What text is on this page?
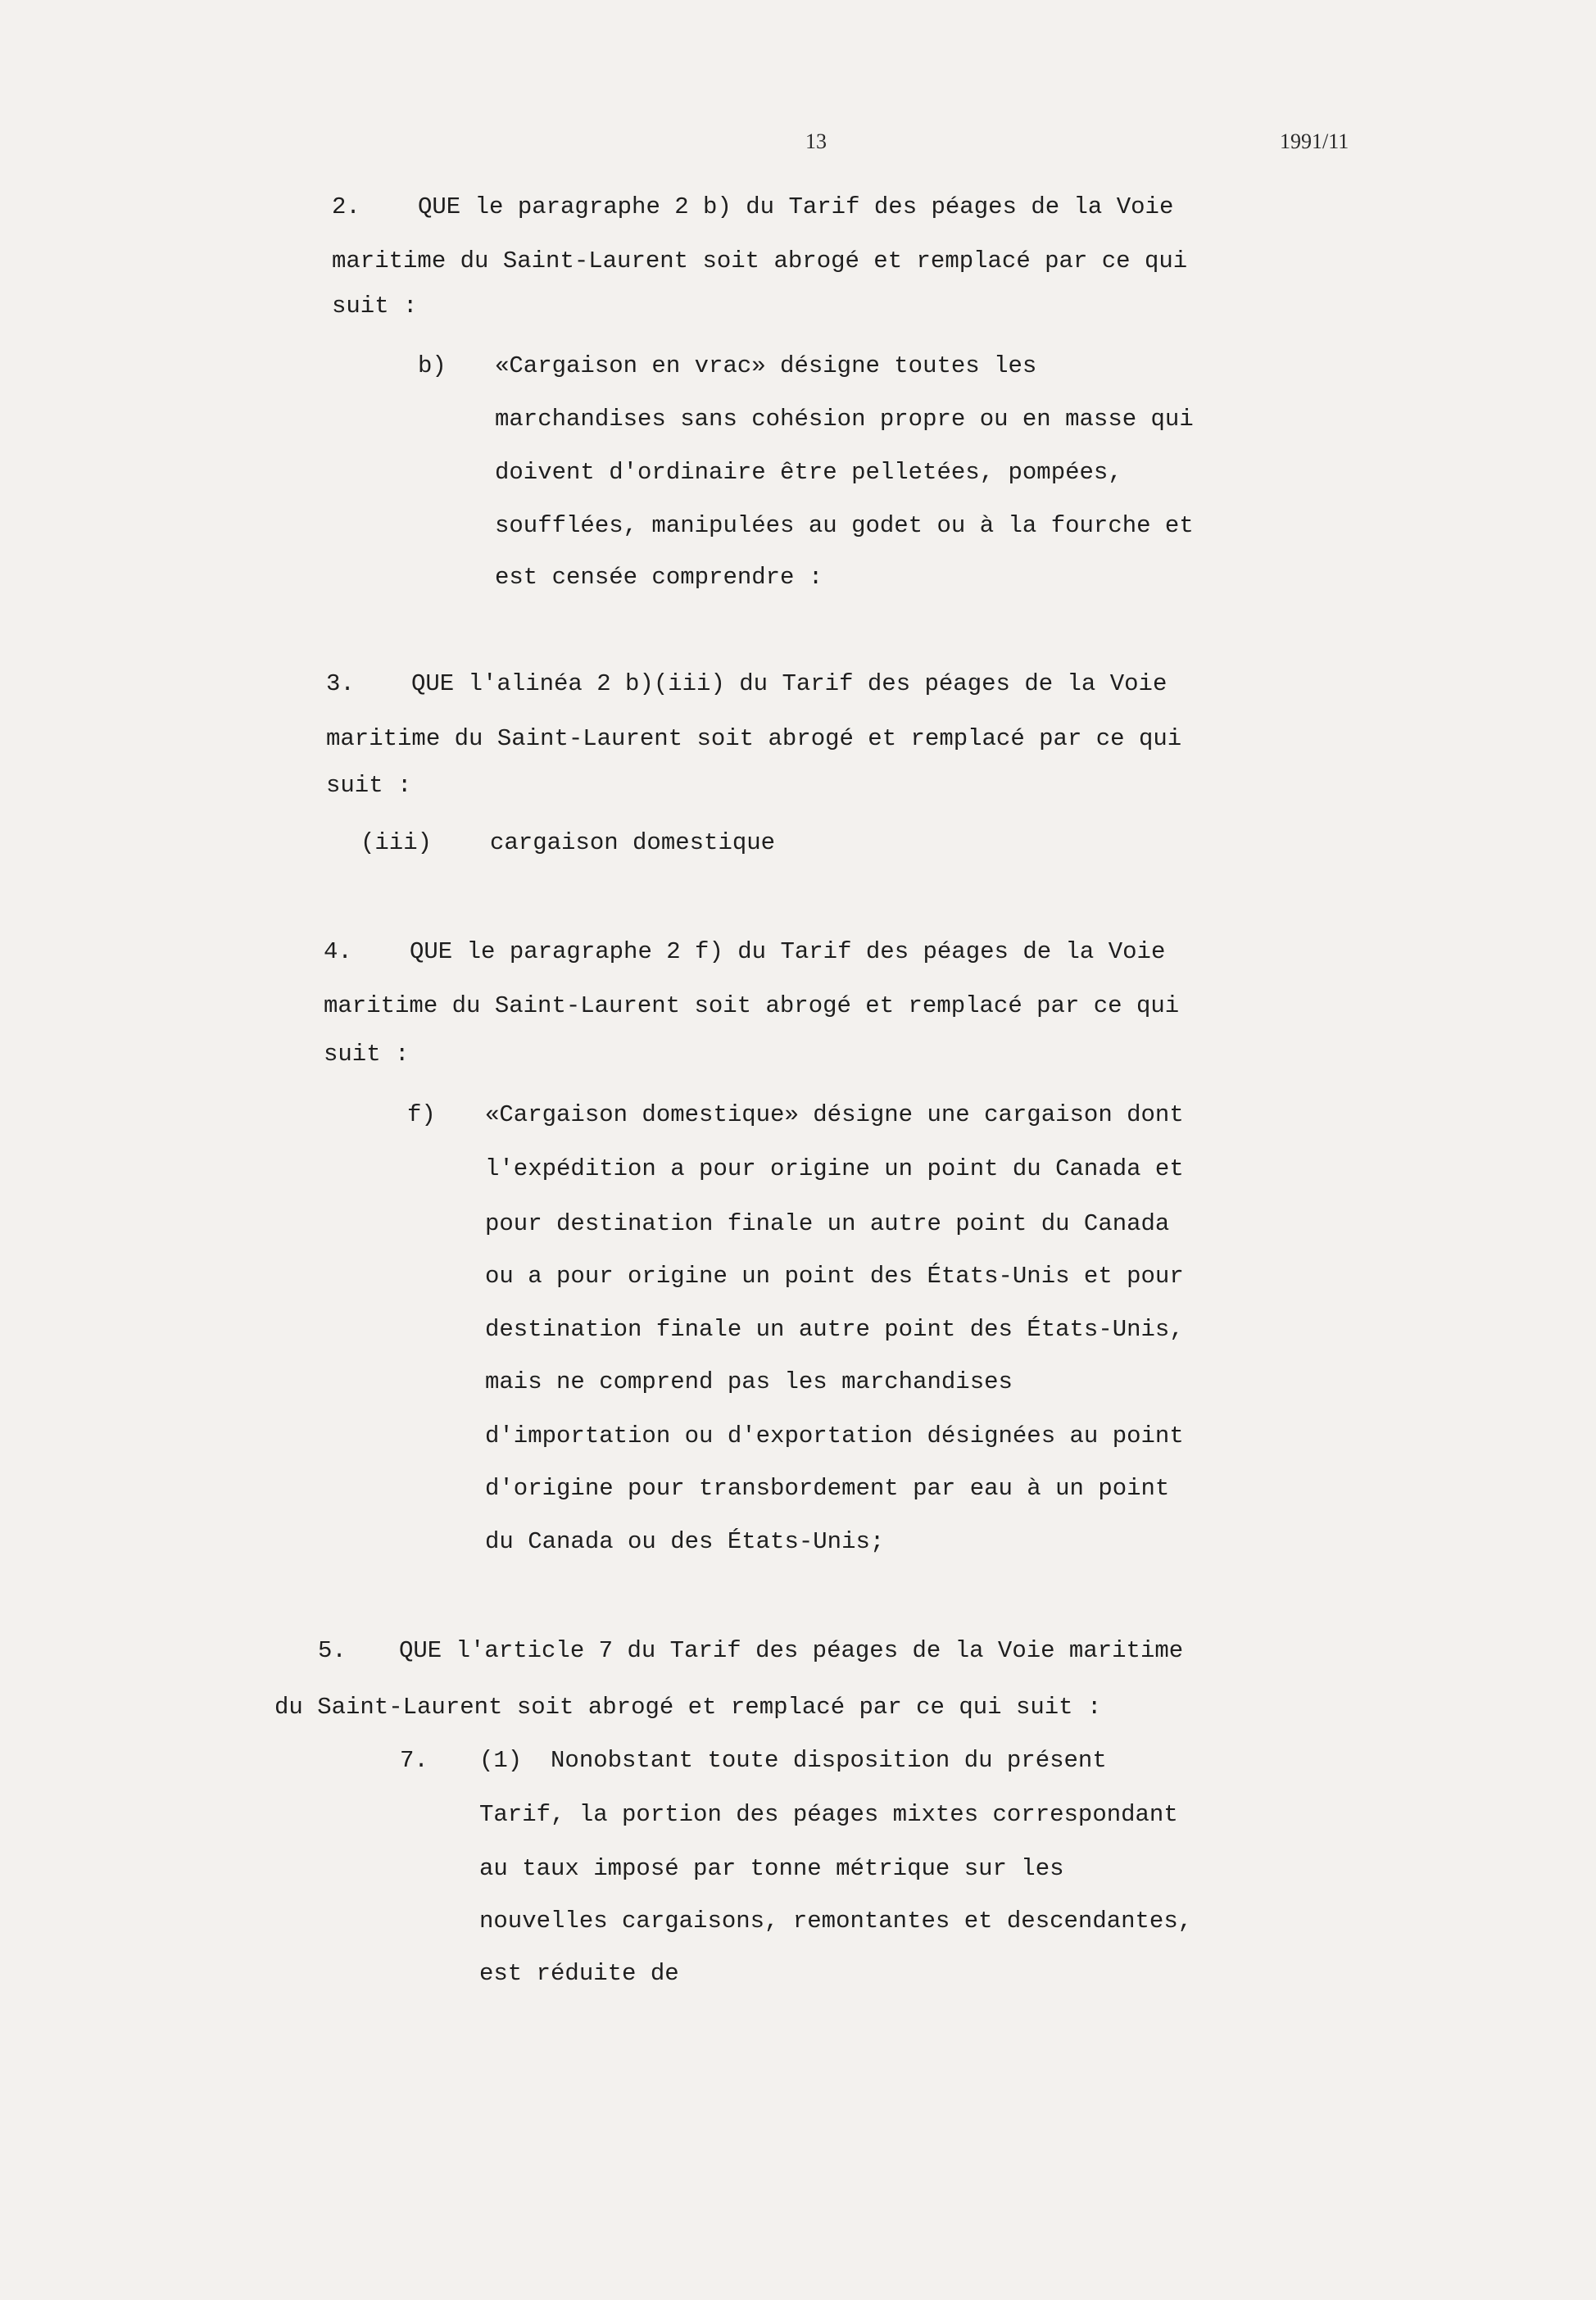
13	1991/11
2. QUE le paragraphe 2 b) du Tarif des péages de la Voie
maritime du Saint-Laurent soit abrogé et remplacé par ce qui
suit :
b) «Cargaison en vrac» désigne toutes les
marchandises sans cohésion propre ou en masse qui
doivent d'ordinaire être pelletées, pompées,
soufflées, manipulées au godet ou à la fourche et
est censée comprendre :
3. QUE l'alinéa 2 b)(iii) du Tarif des péages de la Voie
maritime du Saint-Laurent soit abrogé et remplacé par ce qui
suit :
(iii) cargaison domestique
4. QUE le paragraphe 2 f) du Tarif des péages de la Voie
maritime du Saint-Laurent soit abrogé et remplacé par ce qui
suit :
f) «Cargaison domestique» désigne une cargaison dont
l'expédition a pour origine un point du Canada et
pour destination finale un autre point du Canada
ou a pour origine un point des États-Unis et pour
destination finale un autre point des États-Unis,
mais ne comprend pas les marchandises
d'importation ou d'exportation désignées au point
d'origine pour transbordement par eau à un point
du Canada ou des États-Unis;
5. QUE l'article 7 du Tarif des péages de la Voie maritime
du Saint-Laurent soit abrogé et remplacé par ce qui suit :
7. (1)  Nonobstant toute disposition du présent
Tarif, la portion des péages mixtes correspondant
au taux imposé par tonne métrique sur les
nouvelles cargaisons, remontantes et descendantes,
est réduite de
